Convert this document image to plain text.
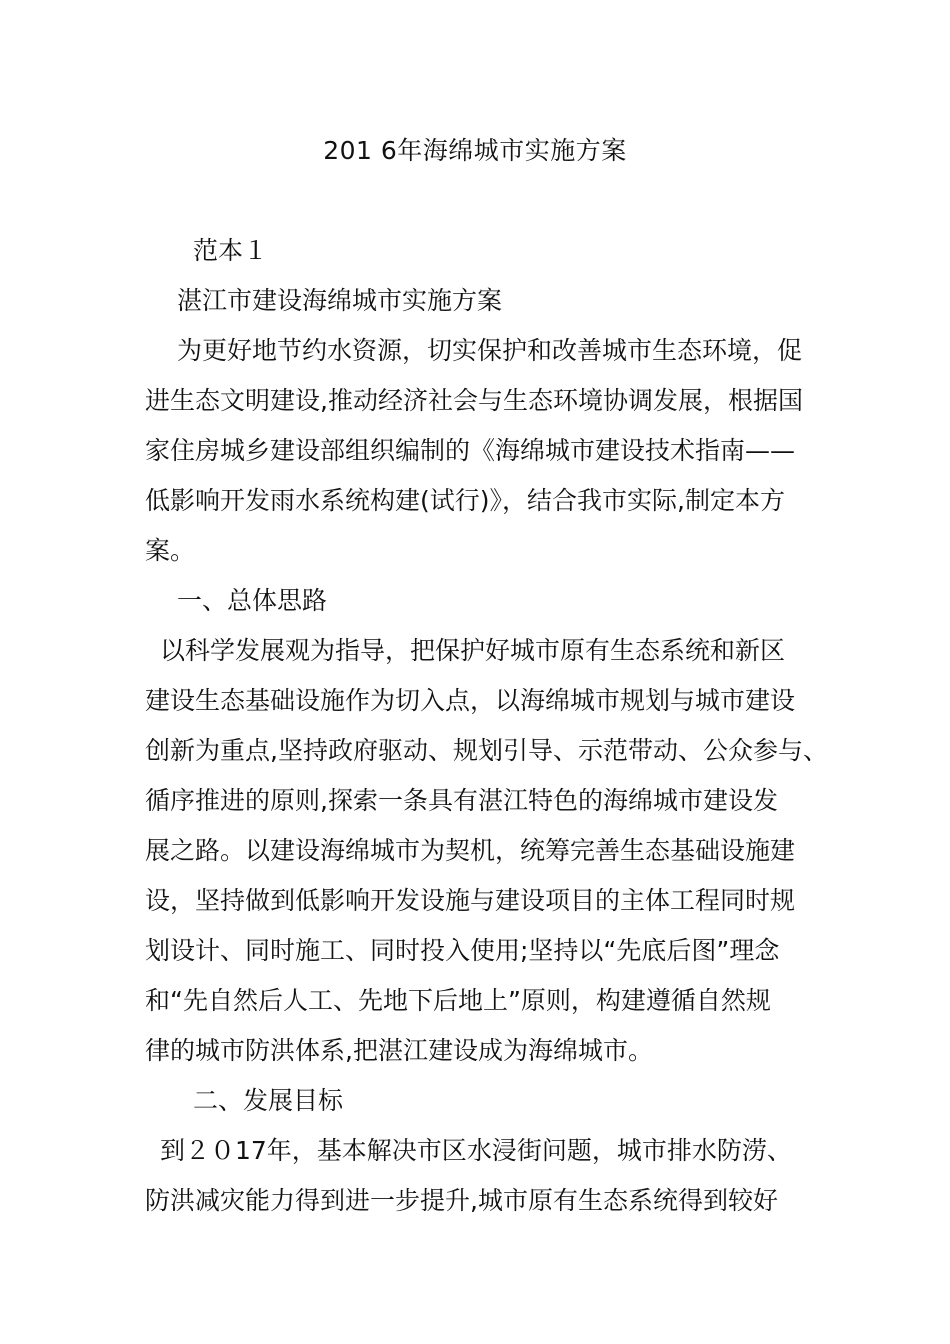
201 6年海绵城市实施方案
范本１
湛江市建设海绵城市实施方案
为更好地节约水资源，切实保护和改善城市生态环境，促
进生态文明建设,推动经济社会与生态环境协调发展，根据国
家住房城乡建设部组织编制的《海绵城市建设技术指南——
低影响开发雨水系统构建(试行)》，结合我市实际,制定本方
案。
一、总体思路
以科学发展观为指导，把保护好城市原有生态系统和新区
建设生态基础设施作为切入点，以海绵城市规划与城市建设
创新为重点,坚持政府驱动、规划引导、示范带动、公众参与、
循序推进的原则,探索一条具有湛江特色的海绵城市建设发
展之路。以建设海绵城市为契机，统筹完善生态基础设施建
设，坚持做到低影响开发设施与建设项目的主体工程同时规
划设计、同时施工、同时投入使用;坚持以“先底后图”理念
和“先自然后人工、先地下后地上”原则，构建遵循自然规
律的城市防洪体系,把湛江建设成为海绵城市。
二、发展目标
到２０17年，基本解决市区水浸街问题，城市排水防涝、
防洪减灾能力得到进一步提升,城市原有生态系统得到较好
